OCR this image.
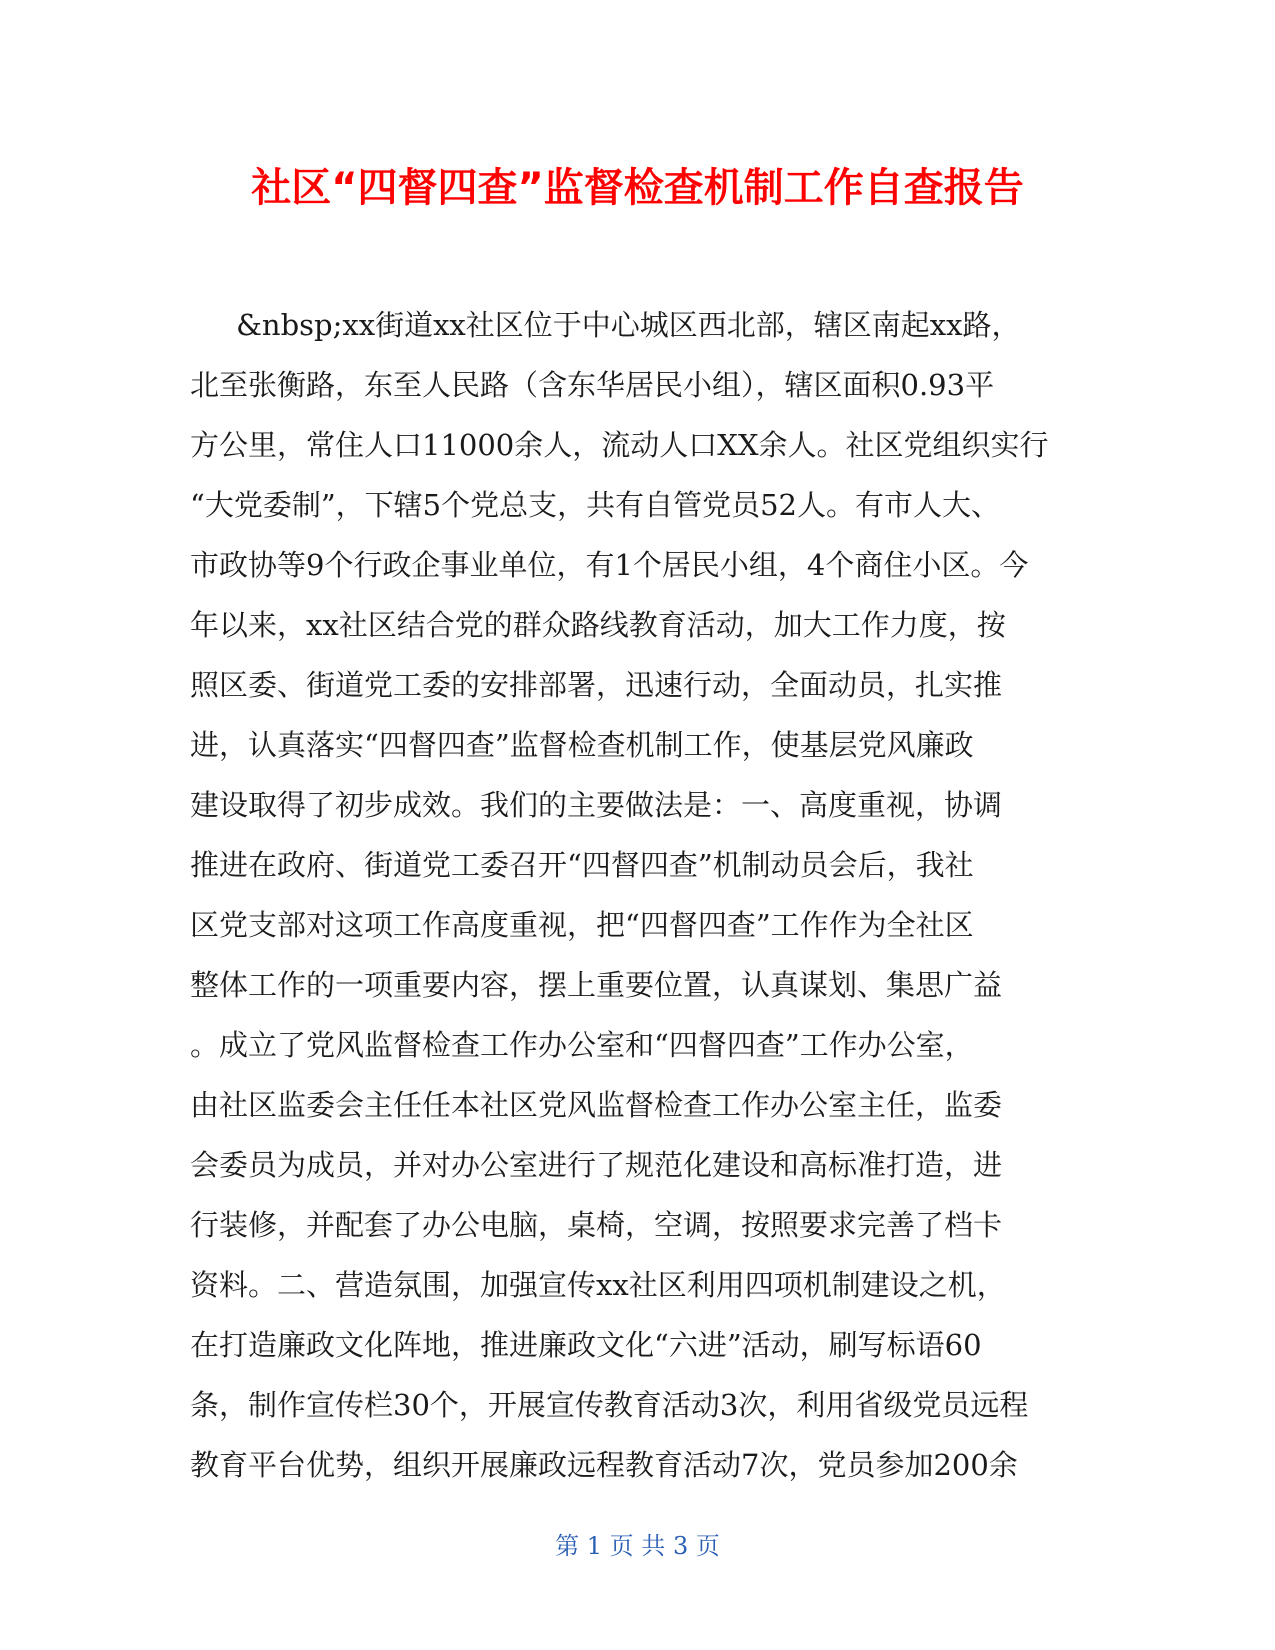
社区“四督四查”监督检查机制工作自查报告
&nbsp;xx街道xx社区位于中心城区西北部，辖区南起xx路，
北至张衡路，东至人民路（含东华居民小组），辖区面积0.93平
方公里，常住人口11000余人，流动人口XX余人。社区党组织实行
“大党委制”，下辖5个党总支，共有自管党员52人。有市人大、
市政协等9个行政企事业单位，有1个居民小组，4个商住小区。今
年以来，xx社区结合党的群众路线教育活动，加大工作力度，按
照区委、街道党工委的安排部署，迅速行动，全面动员，扎实推
进，认真落实“四督四查”监督检查机制工作，使基层党风廉政
建设取得了初步成效。我们的主要做法是：一、高度重视，协调
推进在政府、街道党工委召开“四督四查”机制动员会后，我社
区党支部对这项工作高度重视，把“四督四查”工作作为全社区
整体工作的一项重要内容，摆上重要位置，认真谋划、集思广益
。成立了党风监督检查工作办公室和“四督四查”工作办公室，
由社区监委会主任任本社区党风监督检查工作办公室主任，监委
会委员为成员，并对办公室进行了规范化建设和高标准打造，进
行装修，并配套了办公电脑，桌椅，空调，按照要求完善了档卡
资料。二、营造氛围，加强宣传xx社区利用四项机制建设之机，
在打造廉政文化阵地，推进廉政文化“六进”活动，刷写标语60
条，制作宣传栏30个，开展宣传教育活动3次，利用省级党员远程
教育平台优势，组织开展廉政远程教育活动7次，党员参加200余
第 1 页 共 3 页
